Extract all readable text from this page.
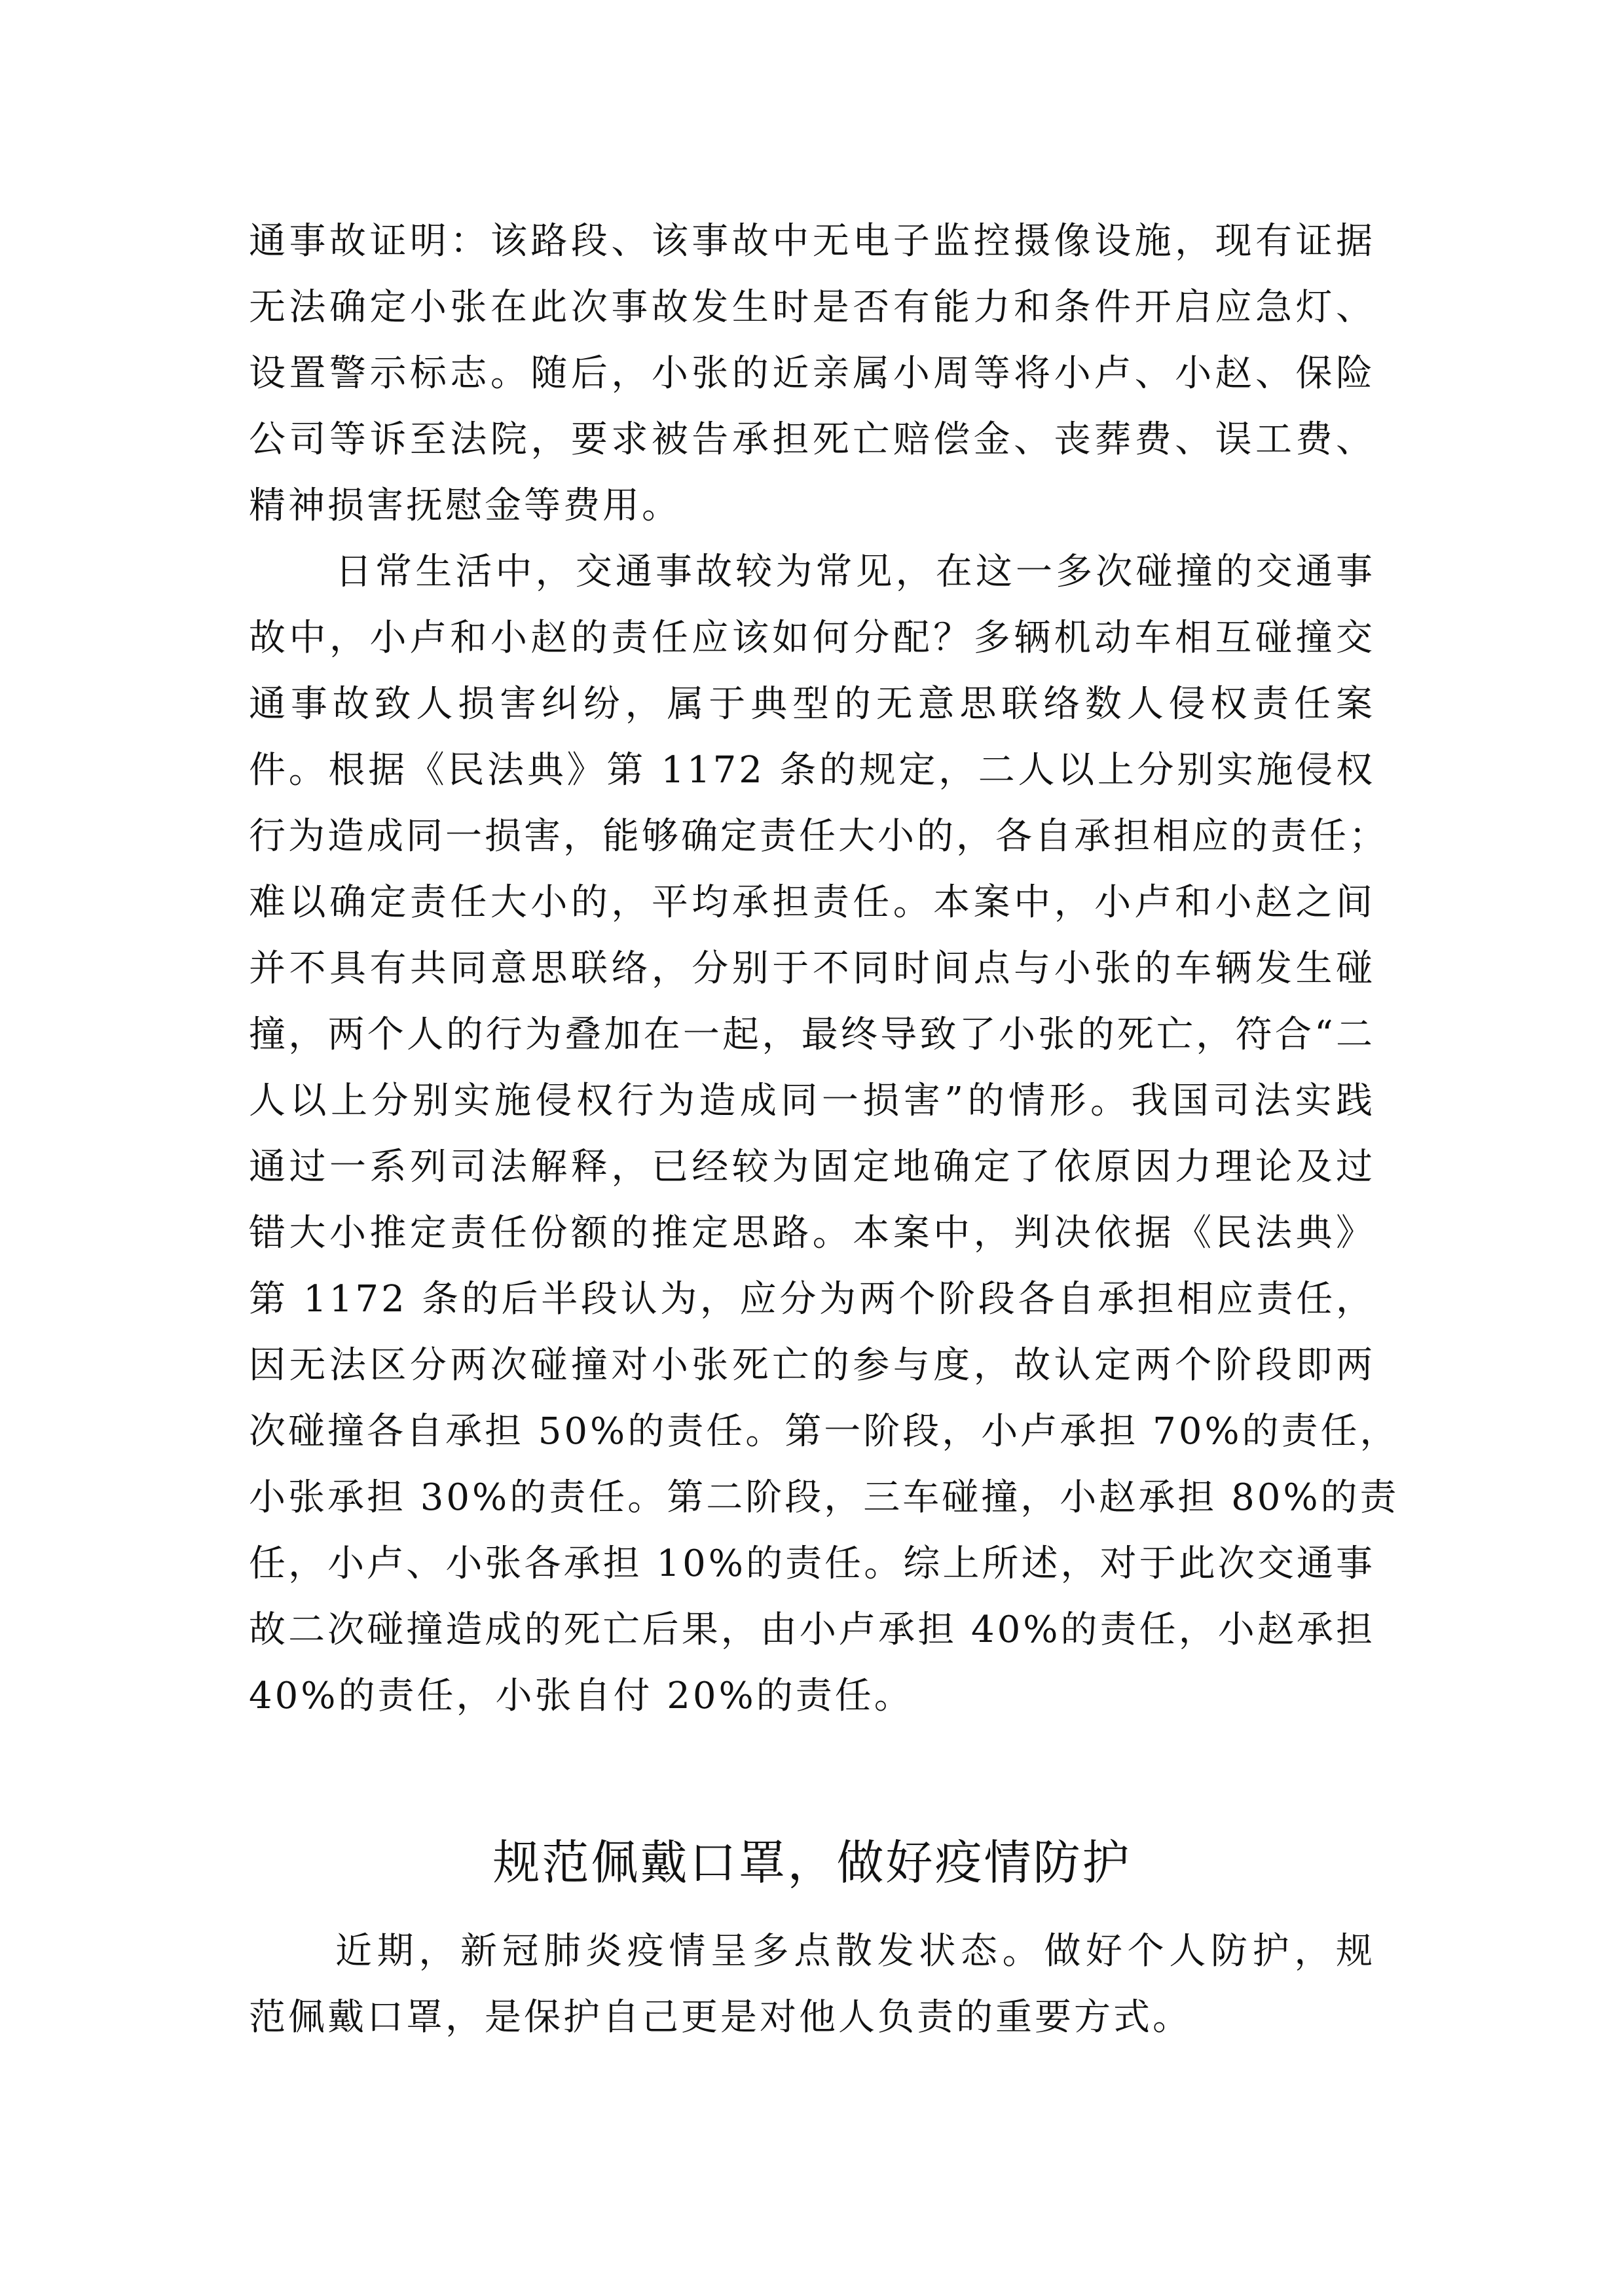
通事故证明：该路段、该事故中无电子监控摄像设施，现有证据
无法确定小张在此次事故发生时是否有能力和条件开启应急灯、
设置警示标志。随后，小张的近亲属小周等将小卢、小赵、保险
公司等诉至法院，要求被告承担死亡赔偿金、丧葬费、误工费、
精神损害抚慰金等费用。
日常生活中，交通事故较为常见，在这一多次碰撞的交通事
故中，小卢和小赵的责任应该如何分配？多辆机动车相互碰撞交
通事故致人损害纠纷，属于典型的无意思联络数人侵权责任案
件。根据《民法典》第 1172 条的规定，二人以上分别实施侵权
行为造成同一损害，能够确定责任大小的，各自承担相应的责任；
难以确定责任大小的，平均承担责任。本案中，小卢和小赵之间
并不具有共同意思联络，分别于不同时间点与小张的车辆发生碰
撞，两个人的行为叠加在一起，最终导致了小张的死亡，符合“二
人以上分别实施侵权行为造成同一损害”的情形。我国司法实践
通过一系列司法解释，已经较为固定地确定了依原因力理论及过
错大小推定责任份额的推定思路。本案中，判决依据《民法典》
第 1172 条的后半段认为，应分为两个阶段各自承担相应责任，
因无法区分两次碰撞对小张死亡的参与度，故认定两个阶段即两
次碰撞各自承担 50%的责任。第一阶段，小卢承担 70%的责任，
小张承担 30%的责任。第二阶段，三车碰撞，小赵承担 80%的责
任，小卢、小张各承担 10%的责任。综上所述，对于此次交通事
故二次碰撞造成的死亡后果，由小卢承担 40%的责任，小赵承担
40%的责任，小张自付 20%的责任。
规范佩戴口罩，做好疫情防护
近期，新冠肺炎疫情呈多点散发状态。做好个人防护，规
范佩戴口罩，是保护自己更是对他人负责的重要方式。
